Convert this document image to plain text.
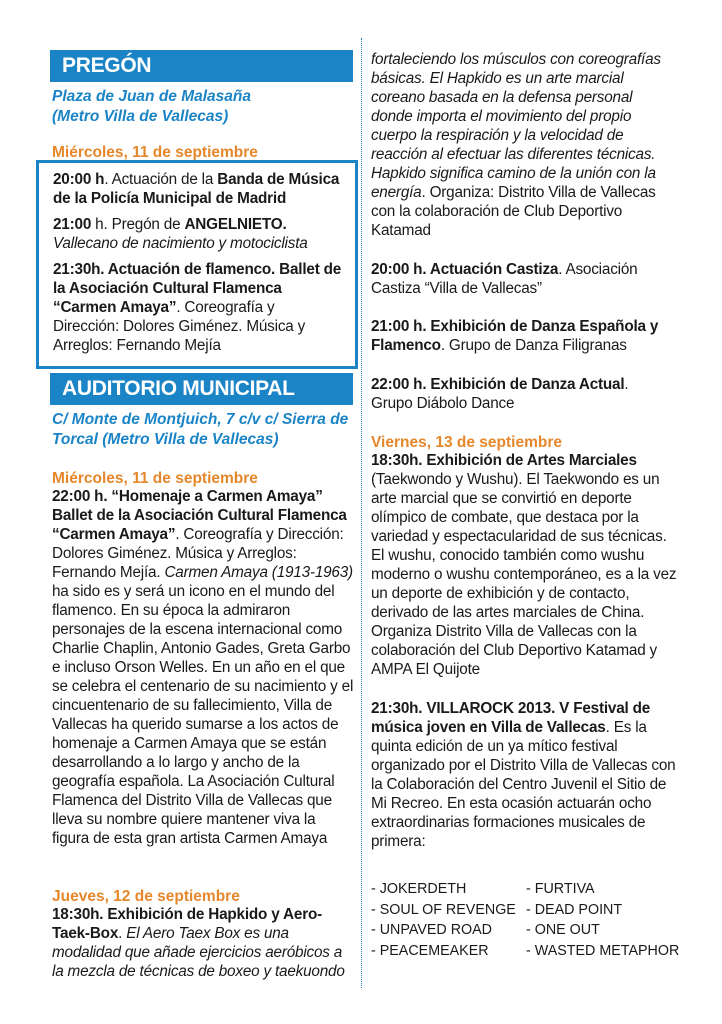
PREGÓN
Plaza de Juan de Malasaña
(Metro Villa de Vallecas)
Miércoles, 11 de septiembre

20:00 h. Actuación de la Banda de Música de la Policía Municipal de Madrid

21:00 h. Pregón de ANGELNIETO. Vallecano de nacimiento y motociclista

21:30h. Actuación de flamenco. Ballet de la Asociación Cultural Flamenca “Carmen Amaya”. Coreografía y Dirección: Dolores Giménez. Música y Arreglos: Fernando Mejía

AUDITORIO MUNICIPAL
C/ Monte de Montjuich, 7 c/v c/ Sierra de
Torcal (Metro Villa de Vallecas)
Miércoles, 11 de septiembre
22:00 h. “Homenaje a Carmen Amaya” Ballet de la Asociación Cultural Flamenca “Carmen Amaya”. Coreografía y Dirección: Dolores Giménez. Música y Arreglos: Fernando Mejía. Carmen Amaya (1913-1963) ha sido es y será un icono en el mundo del flamenco. En su época la admiraron personajes de la escena internacional como Charlie Chaplin, Antonio Gades, Greta Garbo e incluso Orson Welles. En un año en el que se celebra el centenario de su nacimiento y el cincuentenario de su fallecimiento, Villa de Vallecas ha querido sumarse a los actos de homenaje a Carmen Amaya que se están desarrollando a lo largo y ancho de la geografía española. La Asociación Cultural Flamenca del Distrito Villa de Vallecas que lleva su nombre quiere mantener viva la figura de esta gran artista Carmen Amaya
Jueves, 12 de septiembre
18:30h. Exhibición de Hapkido y Aero-Taek-Box. El Aero Taex Box es una modalidad que añade ejercicios aeróbicos a la mezcla de técnicas de boxeo y taekuondo
fortaleciendo los músculos con coreografías básicas. El Hapkido es un arte marcial coreano basada en la defensa personal donde importa el movimiento del propio cuerpo la respiración y la velocidad de reacción al efectuar las diferentes técnicas. Hapkido significa camino de la unión con la energía. Organiza: Distrito Villa de Vallecas con la colaboración de Club Deportivo Katamad
20:00 h. Actuación Castiza. Asociación Castiza “Villa de Vallecas”
21:00 h. Exhibición de Danza Española y Flamenco. Grupo de Danza Filigranas
22:00 h. Exhibición de Danza Actual. Grupo Diábolo Dance
Viernes, 13 de septiembre
18:30h. Exhibición de Artes Marciales (Taekwondo y Wushu). El Taekwondo es un arte marcial que se convirtió en deporte olímpico de combate, que destaca por la variedad y espectacularidad de sus técnicas. El wushu, conocido también como wushu moderno o wushu contemporáneo, es a la vez un deporte de exhibición y de contacto, derivado de las artes marciales de China. Organiza Distrito Villa de Vallecas con la colaboración del Club Deportivo Katamad y AMPA El Quijote
21:30h. VILLAROCK 2013. V Festival de música joven en Villa de Vallecas. Es la quinta edición de un ya mítico festival organizado por el Distrito Villa de Vallecas con la Colaboración del Centro Juvenil el Sitio de Mi Recreo. En esta ocasión actuarán ocho extraordinarias formaciones musicales de primera:
- JOKERDETH
- SOUL OF REVENGE
- UNPAVED ROAD
- PEACEMEAKER
- FURTIVA
- DEAD POINT
- ONE OUT
- WASTED METAPHOR
